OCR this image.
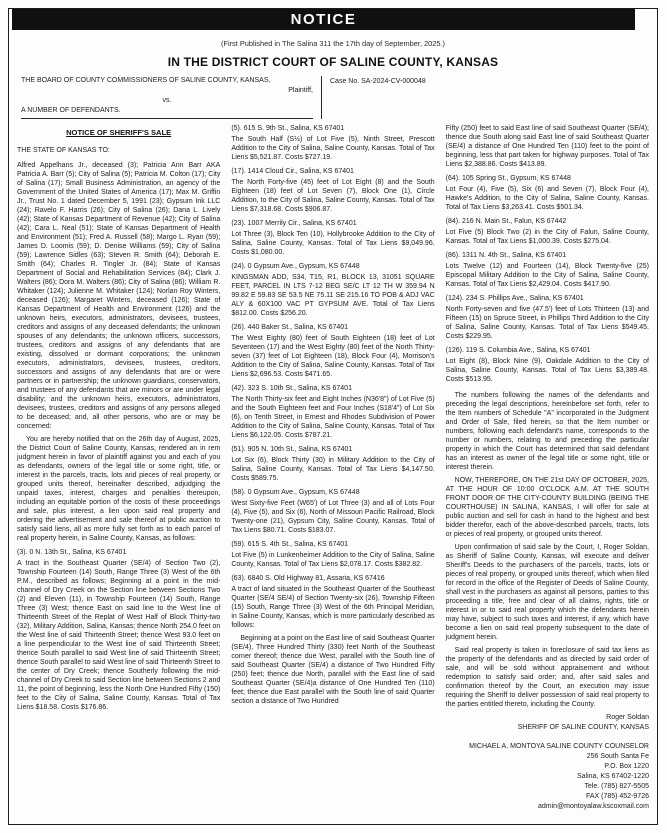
NOTICE
(First Published in The Salina 311 the 17th day of September, 2025.)
IN THE DISTRICT COURT OF SALINE COUNTY, KANSAS
THE BOARD OF COUNTY COMMISSIONERS OF SALINE COUNTY, KANSAS,
Plaintiff,
vs.
A NUMBER OF DEFENDANTS.
Case No. SA-2024-CV-000048
NOTICE OF SHERIFF'S SALE

THE STATE OF KANSAS TO:

Alfred Appelhans Jr., deceased (3); Patricia Ann Barr AKA Patricia A. Barr (5); City of Salina (5); Patricia M. Colton (17); City of Salina (17); Small Business Administration, an agency of the Government of the United States of America (17); Max M. Griffin Jr., Trust No. 1 dated December 5, 1991 (23); Gypsum Ink LLC (24); Ravelo F. Harris (26); City of Salina (26); Dana L. Lively (42); State of Kansas Department of Revenue (42); City of Salina (42); Cara L. Neal (51); State of Kansas Department of Health and Environment (51); Fred A. Russell (58); Margo L. Ryan (59); James D. Loomis (59); D. Denise Williams (59); City of Salina (59); Lawrence Sidles (63); Steven R. Smith (64); Deborah E. Smith (64); Charles R. Tingler Jr. (84); State of Kansas Department of Social and Rehabilitation Services (84); Clark J. Walters (86); Dora M. Walters (86); City of Salina (86); William R. Whitaker (124); Julienne M. Whitaker (124); Norlan Roy Winters, deceased (126); Margaret Winters, deceased (126); State of Kansas Department of Health and Environment (126) and the unknown heirs, executors, administrators, devisees, trustees, creditors and assigns of any deceased defendants; the unknown spouses of any defendants; the unknown officers, successors, trustees, creditors and assigns of any defendants that are existing, dissolved or dormant corporations; the unknown executors, administrators, devisees, trustees, creditors, successors and assigns of any defendants that are or were partners or in partnership; the unknown guardians, conservators, and trustees of any defendants that are minors or are under legal disability; and the unknown heirs, executors, administrators, devisees, trustees, creditors and assigns of any persons alleged to be deceased; and, all other persons, who are or may be concerned:

You are hereby notified that on the 26th day of August, 2025, the District Court of Saline County, Kansas, rendered an in rem judgment herein in favor of plaintiff against you and each of you as defendants, owners of the legal title or some right, title, or interest in the parcels, tracts, lots and pieces of real property, or grouped units thereof, hereinafter described, adjudging the unpaid taxes, interest, charges and penalties thereupon, including an equitable portion of the costs of these proceedings and sale, plus interest, a lien upon said real property and ordering the advertisement and sale thereof at public auction to satisfy said liens, all as more fully set forth as to each parcel of real property herein, in Saline County, Kansas, as follows:

(3). 0 N. 13th St., Salina, KS 67401

A tract in the Southeast Quarter (SE/4) of Section Two (2), Township Fourteen (14) South, Range Three (3) West of the 6th P.M., described as follows; Beginning at a point in the mid-channel of Dry Creek on the Section line between Sections Two (2) and Eleven (11), in Township Fourteen (14) South, Range Three (3) West; thence East on said line to the West line of Thirteenth Street of the Replat of West Half of Block Thirty-two (32), Military Addition, Salina, Kansas; thence North 254.0 feet on the West line of said Thirteenth Street; thence West 93.0 feet on a line perpendicular to the West line of said Thirteenth Street; thence South parallel to said West line of said Thirteenth Street; thence South parallel to said West line of said Thirteenth Street to the center of Dry Creek; thence Southerly following the mid-channel of Dry Creek to said Section line between Sections 2 and 11, the point of beginning, less the North One Hundred Fifty (150) feet to the City of Salina, Saline County, Kansas. Total of Tax Liens $18.58. Costs $176.86.

(5). 615 S. 9th St., Salina, KS 67401

The South Half (S½) of Lot Five (5), Ninth Street, Prescott Addition to the City of Salina, Saline County, Kansas. Total of Tax Liens $5,521.87. Costs $727.19.

(17). 1414 Cloud Cir., Salina, KS 67401

The North Forty-five (45) feet of Lot Eight (8) and the South Eighteen (18) feet of Lot Seven (7), Block One (1), Circle Addition, to the City of Salina, Saline County, Kansas. Total of Tax Liens $7,318.68. Costs $906.87.

(23). 1007 Merrily Cir., Salina, KS 67401

Lot Three (3), Block Ten (10), Hollybrooke Addition to the City of Salina, Saline County, Kansas. Total of Tax Liens $9,049.96. Costs $1,080.00.

(24). 0 Gypsum Ave., Gypsum, KS 67448

KINGSMAN ADD, S34, T15, R1, BLOCK 13, 31051 SQUARE FEET, PARCEL IN LTS 7-12 BEG SE/C LT 12 TH W 359.94 N 99.82 E 59.83 SE 53.5 NE 75.11 SE 215.16 TO POB & ADJ VAC ALY & 60X100 VAC PT GYPSUM AVE. Total of Tax Liens $812.00. Costs $256.20.

(26). 440 Baker St., Salina, KS 67401

The West Eighty (80) feet of South Eighteen (18) feet of Lot Seventeen (17) and the West Eighty (80) feet of the North Thirty-seven (37) feet of Lot Eighteen (18), Block Four (4), Morrison's Addition to the City of Salina, Saline County, Kansas. Total of Tax Liens $2,696.53. Costs $471.65.

(42). 323 S. 10th St., Salina, KS 67401

The North Thirty-six feet and Eight Inches (N36'8") of Lot Five (5) and the South Eighteen feet and Four Inches (S18'4") of Lot Six (6), on Tenth Street, in Ernest and Rhodes Subdivision of Power Addition to the City of Salina, Saline County, Kansas. Total of Tax Liens $6,122.05. Costs $787.21.

(51). 905 N. 10th St., Salina, KS 67401

Lot Six (6), Block Thirty (30) in Military Addition to the City of Salina, Saline County, Kansas. Total of Tax Liens $4,147.50. Costs $589.75.

(58). 0 Gypsum Ave., Gypsum, KS 67448

West Sixty-five Feet (W65') of Lot Three (3) and all of Lots Four (4), Five (5), and Six (6), North of Missouri Pacific Railroad, Block Twenty-one (21), Gypsum City, Saline County, Kansas. Total of Tax Liens $80.71. Costs $183.07.

(59). 615 S. 4th St., Salina, KS 67401

Lot Five (5) in Lunkenheimer Addition to the City of Salina, Saline County, Kansas. Total of Tax Liens $2,078.17. Costs $382.82.

(63). 6840 S. Old Highway 81, Assaria, KS 67416

A tract of land situated in the Southeast Quarter of the Southeast Quarter (SE/4 SE/4) of Section Twenty-six (26), Township Fifteen (15) South, Range Three (3) West of the 6th Principal Meridian, in Saline County, Kansas, which is more particularly described as follows:

Beginning at a point on the East line of said Southeast Quarter (SE/4), Three Hundred Thirty (330) feet North of the Southeast corner thereof; thence due West, parallel with the South line of said Southeast Quarter (SE/4) a distance of Two Hundred Fifty (250) feet; thence due North, parallel with the East line of said Southeast Quarter (SE/4)a distance of One Hundred Ten (110) feet; thence due East parallel with the South line of said Quarter section a distance of Two Hundred

Fifty (250) feet to said East line of said Southeast Quarter (SE/4); thence due South along said East line of said Southeast Quarter (SE/4) a distance of One Hundred Ten (110) feet to the point of beginning, less that part taken for highway purposes. Total of Tax Liens $2,388.86. Costs $413.89.

(64). 105 Spring St., Gypsum, KS 67448

Lot Four (4), Five (5), Six (6) and Seven (7), Block Four (4), Hawke's Addition, to the City of Salina, Saline County, Kansas. Total of Tax Liens $3,263.41. Costs $501.34.

(84). 216 N. Main St., Falun, KS 67442

Lot Five (5) Block Two (2) in the City of Falun, Saline County, Kansas. Total of Tax Liens $1,000.39. Costs $275.04.

(86). 1311 N. 4th St., Salina, KS 67401

Lots Twelve (12) and Fourteen (14), Block Twenty-five (25) Episcopal Military Addition to the City of Salina, Saline County, Kansas. Total of Tax Liens $2,429.04. Costs $417.90.

(124). 234 S. Phillips Ave., Salina, KS 67401

North Forty-seven and five (47.5') feet of Lots Thirteen (13) and Fifteen (15) on Spruce Street, in Phillips Third Addition to the City of Salina, Saline County, Kansas. Total of Tax Liens $549.45. Costs $229.95.

(126). 119 S. Columbia Ave., Salina, KS 67401

Lot Eight (8), Block Nine (9), Oakdale Addition to the City of Salina, Saline County, Kansas. Total of Tax Liens $3,389.48. Costs $513.95.

The numbers following the names of the defendants and preceding the legal descriptions, hereinbefore set forth, refer to the Item numbers of Schedule "A" incorporated in the Judgment and Order of Sale, filed herein, so that the Item number or numbers, following each defendant's name, corresponds to the number or numbers, relating to and preceding the particular property in which the Court has determined that said defendant has an interest as owner of the legal title or some right, title or interest therein.

NOW, THEREFORE, ON THE 21st DAY OF OCTOBER, 2025, AT THE HOUR OF 10:00 O'CLOCK A.M. AT THE SOUTH FRONT DOOR OF THE CITY-COUNTY BUILDING (BEING THE COURTHOUSE) IN SALINA, KANSAS, I will offer for sale at public auction and sell for cash in hand to the highest and best bidder therefor, each of the above-described parcels, tracts, lots or pieces of real property, or grouped units thereof.

Upon confirmation of said sale by the Court, I, Roger Soldan, as Sheriff of Saline County, Kansas, will execute and deliver Sheriff's Deeds to the purchasers of the parcels, tracts, lots or pieces of real property, or grouped units thereof, which when filed for record in the office of the Register of Deeds of Saline County, shall vest in the purchasers as against all persons, parties to this proceeding a title, free and clear of all claims, rights, title or interest in or to said real property which the defendants herein may have, subject to such taxes and interest, if any, which have become a lien on said real property subsequent to the date of judgment herein.

Said real property is taken in foreclosure of said tax liens as the property of the defendants and as directed by said order of sale, and will be sold without appraisement and without redemption to satisfy said order; and, after said sales and confirmation thereof by the Court, an execution may issue requiring the Sheriff to deliver possession of said real property to the parties entitled thereto, including the County.

Roger Soldan
SHERIFF OF SALINE COUNTY, KANSAS
MICHAEL A. MONTOYA SALINE COUNTY COUNSELOR
256 South Santa Fe
P.O. Box 1220
Salina, KS 67402-1220
Tele. (785) 827-5505
FAX (785) 452-9726
admin@montoyalaw.kscoxmail.com
